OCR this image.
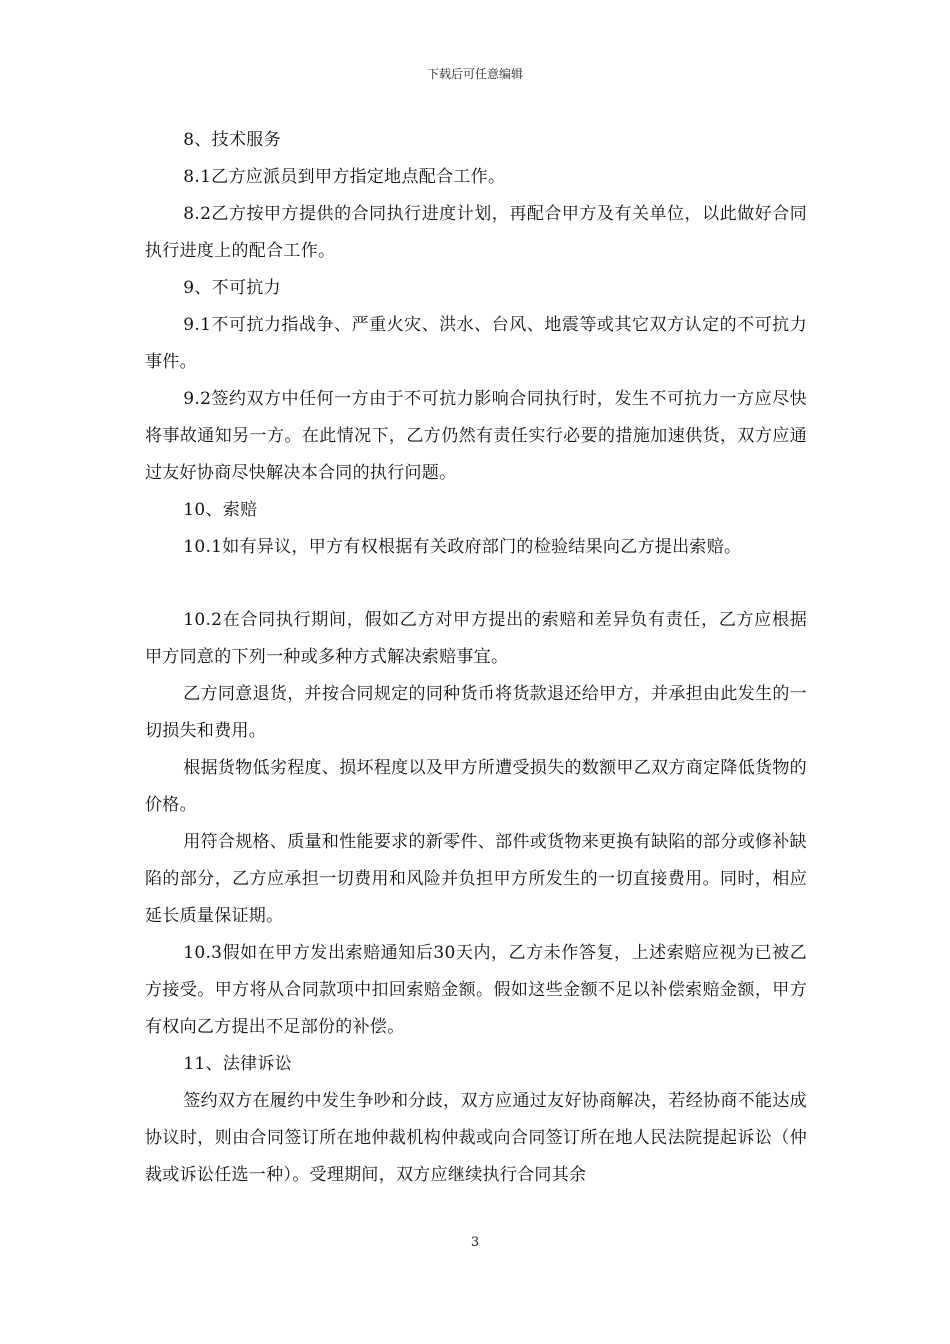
下载后可任意编辑

8、技术服务

8.1乙方应派员到甲方指定地点配合工作。

8.2乙方按甲方提供的合同执行进度计划，再配合甲方及有关单位，以此做好合同执行进度上的配合工作。

9、不可抗力

9.1不可抗力指战争、严重火灾、洪水、台风、地震等或其它双方认定的不可抗力事件。

9.2签约双方中任何一方由于不可抗力影响合同执行时，发生不可抗力一方应尽快将事故通知另一方。在此情况下，乙方仍然有责任实行必要的措施加速供货，双方应通过友好协商尽快解决本合同的执行问题。

10、索赔

10.1如有异议，甲方有权根据有关政府部门的检验结果向乙方提出索赔。

10.2在合同执行期间，假如乙方对甲方提出的索赔和差异负有责任，乙方应根据甲方同意的下列一种或多种方式解决索赔事宜。

乙方同意退货，并按合同规定的同种货币将货款退还给甲方，并承担由此发生的一切损失和费用。

根据货物低劣程度、损坏程度以及甲方所遭受损失的数额甲乙双方商定降低货物的价格。

用符合规格、质量和性能要求的新零件、部件或货物来更换有缺陷的部分或修补缺陷的部分，乙方应承担一切费用和风险并负担甲方所发生的一切直接费用。同时，相应延长质量保证期。

10.3假如在甲方发出索赔通知后30天内，乙方未作答复，上述索赔应视为已被乙方接受。甲方将从合同款项中扣回索赔金额。假如这些金额不足以补偿索赔金额，甲方有权向乙方提出不足部份的补偿。

11、法律诉讼

签约双方在履约中发生争吵和分歧，双方应通过友好协商解决，若经协商不能达成协议时，则由合同签订所在地仲裁机构仲裁或向合同签订所在地人民法院提起诉讼（仲裁或诉讼任选一种）。受理期间，双方应继续执行合同其余

3
